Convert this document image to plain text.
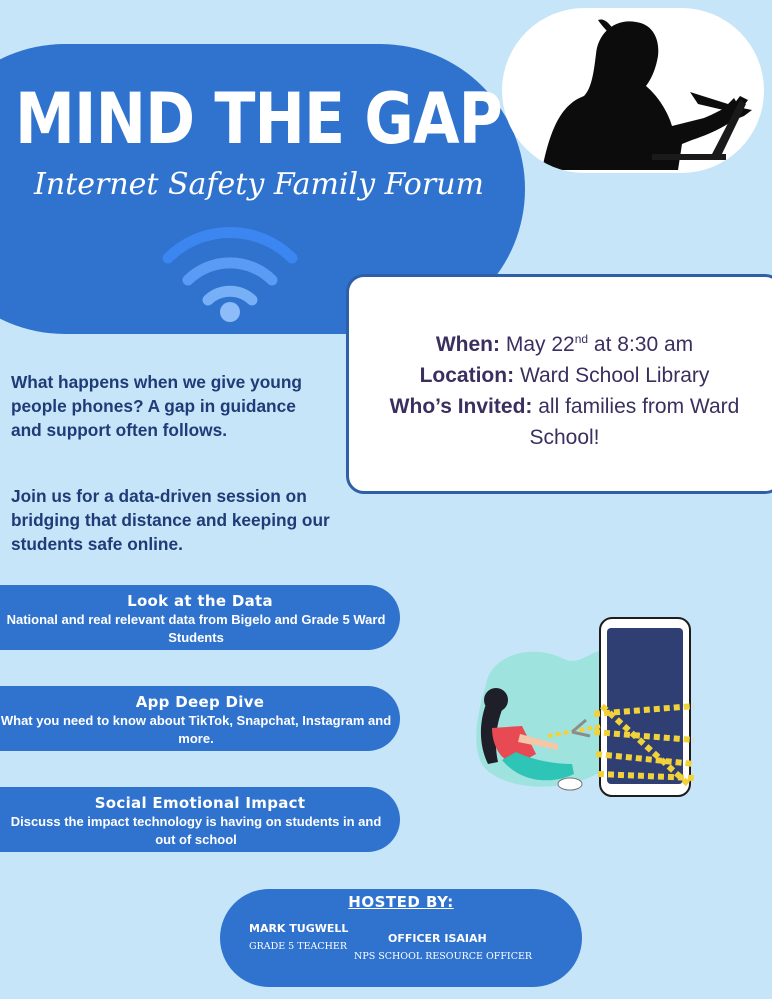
MIND THE GAP
Internet Safety Family Forum
When: May 22nd at 8:30 am
Location: Ward School Library
Who’s Invited: all families from Ward
School!

What happens when we give young people phones? A gap in guidance and support often follows.

Join us for a data-driven session on bridging that distance and keeping our students safe online.

Look at the Data
National and real relevant data from Bigelo and Grade 5 Ward Students
App Deep Dive
What you need to know about TikTok, Snapchat, Instagram and more.
Social Emotional Impact
Discuss the impact technology is having on students in and out of school
HOSTED BY:
MARK TUGWELL
GRADE 5 TEACHER
OFFICER ISAIAH
NPS SCHOOL RESOURCE OFFICER
